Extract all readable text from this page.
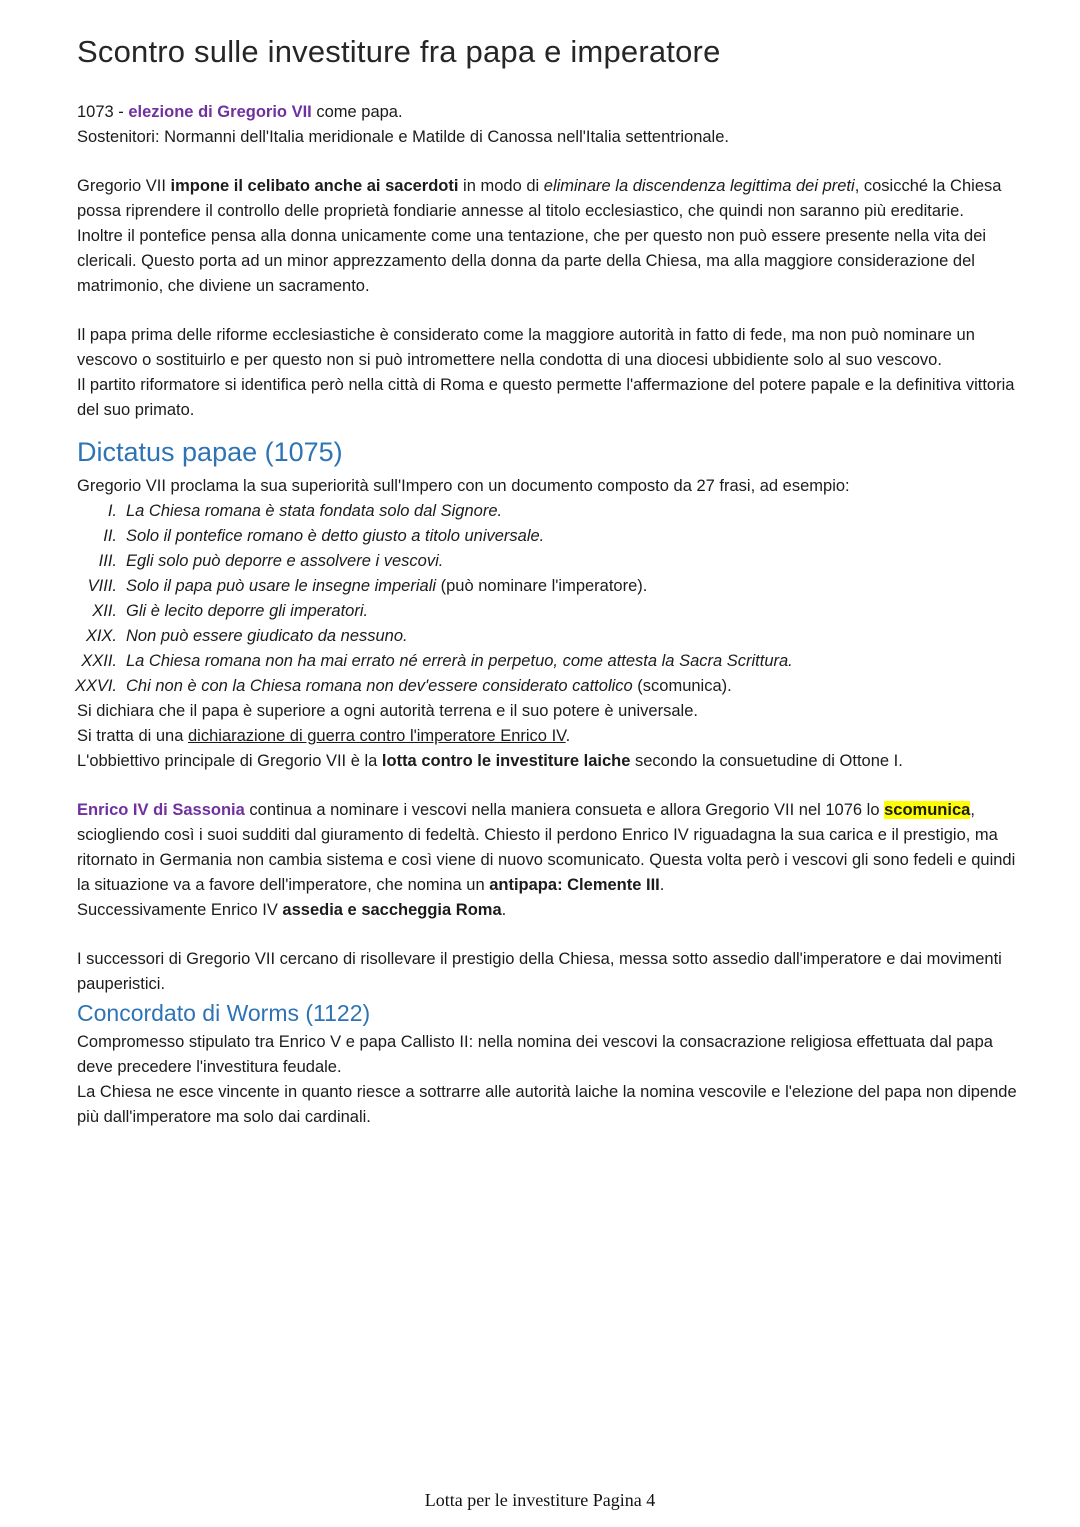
Scontro sulle investiture fra papa e imperatore
1073 - elezione di Gregorio VII come papa.
Sostenitori: Normanni dell'Italia meridionale e Matilde di Canossa nell'Italia settentrionale.
Gregorio VII impone il celibato anche ai sacerdoti in modo di eliminare la discendenza legittima dei preti, cosicché la Chiesa possa riprendere il controllo delle proprietà fondiarie annesse al titolo ecclesiastico, che quindi non saranno più ereditarie.
Inoltre il pontefice pensa alla donna unicamente come una tentazione, che per questo non può essere presente nella vita dei clericali. Questo porta ad un minor apprezzamento della donna da parte della Chiesa, ma alla maggiore considerazione del matrimonio, che diviene un sacramento.
Il papa prima delle riforme ecclesiastiche è considerato come la maggiore autorità in fatto di fede, ma non può nominare un vescovo o sostituirlo e per questo non si può intromettere nella condotta di una diocesi ubbidiente solo al suo vescovo.
Il partito riformatore si identifica però nella città di Roma e questo permette l'affermazione del potere papale e la definitiva vittoria del suo primato.
Dictatus papae (1075)
Gregorio VII proclama la sua superiorità sull'Impero con un documento composto da 27 frasi, ad esempio:
I. La Chiesa romana è stata fondata solo dal Signore.
II. Solo il pontefice romano è detto giusto a titolo universale.
III. Egli solo può deporre e assolvere i vescovi.
VIII. Solo il papa può usare le insegne imperiali (può nominare l'imperatore).
XII. Gli è lecito deporre gli imperatori.
XIX. Non può essere giudicato da nessuno.
XXII. La Chiesa romana non ha mai errato né errerà in perpetuo, come attesta la Sacra Scrittura.
XXVI. Chi non è con la Chiesa romana non dev'essere considerato cattolico (scomunica).
Si dichiara che il papa è superiore a ogni autorità terrena e il suo potere è universale.
Si tratta di una dichiarazione di guerra contro l'imperatore Enrico IV.
L'obbiettivo principale di Gregorio VII è la lotta contro le investiture laiche secondo la consuetudine di Ottone I.
Enrico IV di Sassonia continua a nominare i vescovi nella maniera consueta e allora Gregorio VII nel 1076 lo scomunica, sciogliendo così i suoi sudditi dal giuramento di fedeltà. Chiesto il perdono Enrico IV riguadagna la sua carica e il prestigio, ma ritornato in Germania non cambia sistema e così viene di nuovo scomunicato. Questa volta però i vescovi gli sono fedeli e quindi la situazione va a favore dell'imperatore, che nomina un antipapa: Clemente III.
Successivamente Enrico IV assedia e saccheggia Roma.
I successori di Gregorio VII cercano di risollevare il prestigio della Chiesa, messa sotto assedio dall'imperatore e dai movimenti pauperistici.
Concordato di Worms (1122)
Compromesso stipulato tra Enrico V e papa Callisto II: nella nomina dei vescovi la consacrazione religiosa effettuata dal papa deve precedere l'investitura feudale.
La Chiesa ne esce vincente in quanto riesce a sottrarre alle autorità laiche la nomina vescovile e l'elezione del papa non dipende più dall'imperatore ma solo dai cardinali.
Lotta per le investiture Pagina 4
